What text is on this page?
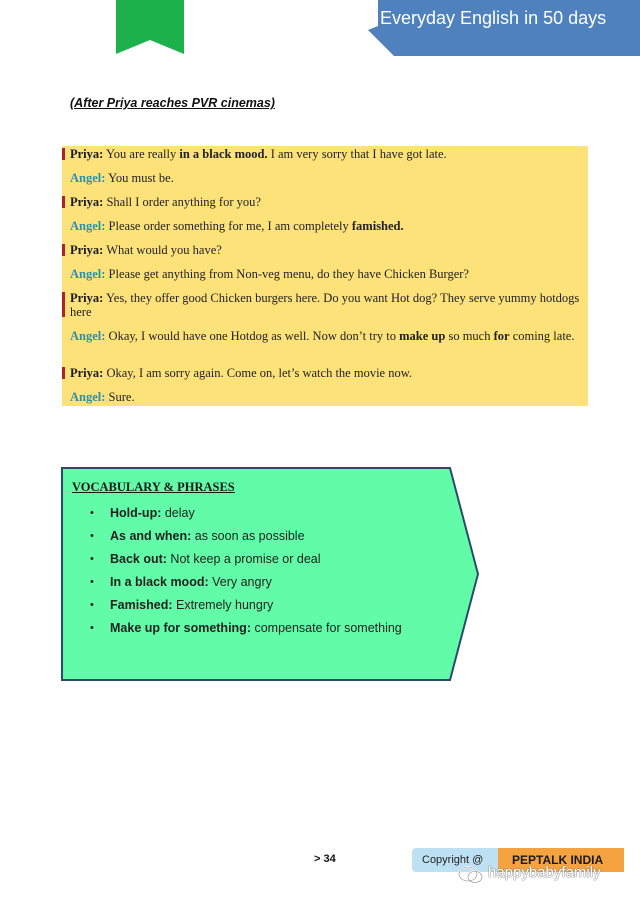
Everyday English in 50 days
(After Priya reaches PVR cinemas)
Priya: You are really in a black mood. I am very sorry that I have got late.
Angel: You must be.
Priya: Shall I order anything for you?
Angel: Please order something for me, I am completely famished.
Priya: What would you have?
Angel: Please get anything from Non-veg menu, do they have Chicken Burger?
Priya: Yes, they offer good Chicken burgers here. Do you want Hot dog? They serve yummy hotdogs here
Angel: Okay, I would have one Hotdog as well. Now don’t try to make up so much for coming late.
Priya: Okay, I am sorry again. Come on, let’s watch the movie now.
Angel: Sure.
VOCABULARY & PHRASES
• Hold-up: delay
• As and when: as soon as possible
• Back out: Not keep a promise or deal
• In a black mood: Very angry
• Famished: Extremely hungry
• Make up for something: compensate for something
> 34	Copyright @ PEPTALK INDIA
happybabyfamily
